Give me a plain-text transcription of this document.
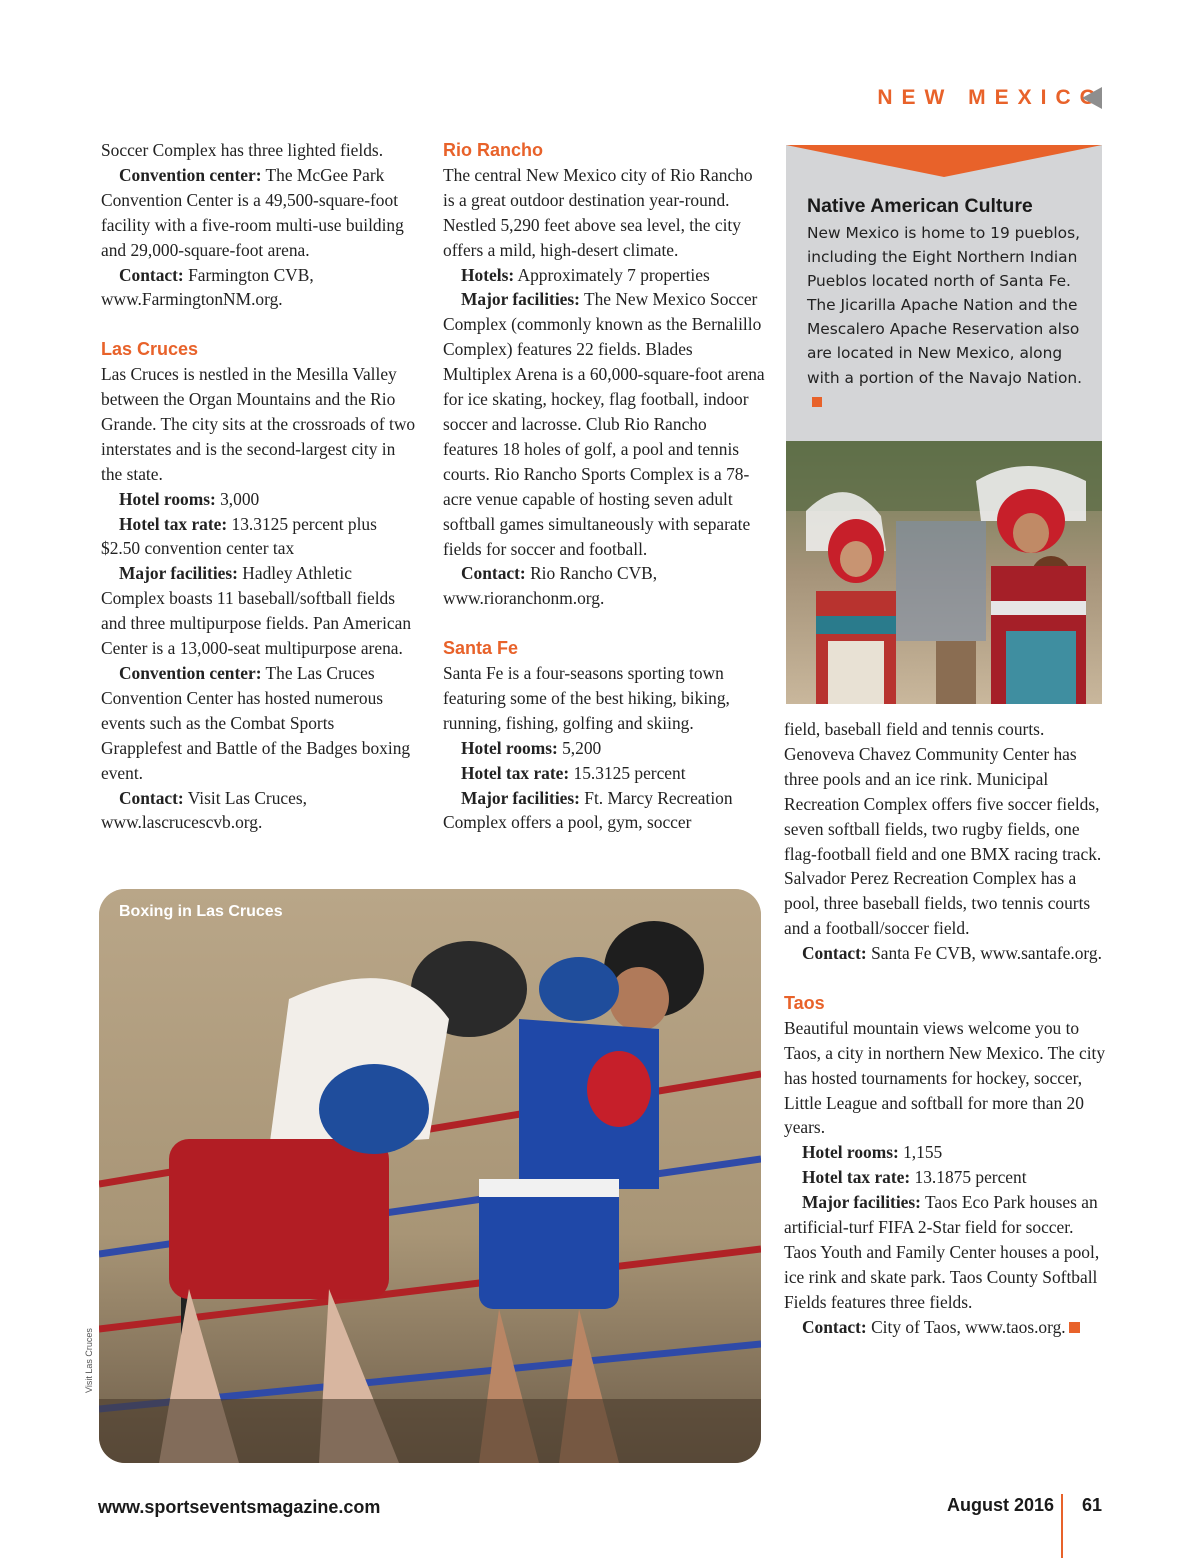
NEW MEXICO

Soccer Complex has three lighted fields.

Convention center: The McGee Park Convention Center is a 49,500-square-foot facility with a five-room multi-use building and 29,000-square-foot arena.

Contact: Farmington CVB, www.FarmingtonNM.org.

Las Cruces

Las Cruces is nestled in the Mesilla Valley between the Organ Mountains and the Rio Grande. The city sits at the crossroads of two interstates and is the second-largest city in the state.

Hotel rooms: 3,000

Hotel tax rate: 13.3125 percent plus $2.50 convention center tax

Major facilities: Hadley Athletic Complex boasts 11 baseball/softball fields and three multipurpose fields. Pan American Center is a 13,000-seat multipurpose arena.

Convention center: The Las Cruces Convention Center has hosted numerous events such as the Combat Sports Grapplefest and Battle of the Badges boxing event.

Contact: Visit Las Cruces, www.lascrucescvb.org.

Rio Rancho

The central New Mexico city of Rio Rancho is a great outdoor destination year-round. Nestled 5,290 feet above sea level, the city offers a mild, high-desert climate.

Hotels: Approximately 7 properties

Major facilities: The New Mexico Soccer Complex (commonly known as the Bernalillo Complex) features 22 fields. Blades Multiplex Arena is a 60,000-square-foot arena for ice skating, hockey, flag football, indoor soccer and lacrosse. Club Rio Rancho features 18 holes of golf, a pool and tennis courts. Rio Rancho Sports Complex is a 78-acre venue capable of hosting seven adult softball games simultaneously with separate fields for soccer and football.

Contact: Rio Rancho CVB, www.rioranchonm.org.

Santa Fe

Santa Fe is a four-seasons sporting town featuring some of the best hiking, biking, running, fishing, golfing and skiing.

Hotel rooms: 5,200

Hotel tax rate: 15.3125 percent

Major facilities: Ft. Marcy Recreation Complex offers a pool, gym, soccer

Native American Culture
New Mexico is home to 19 pueblos, including the Eight Northern Indian Pueblos located north of Santa Fe. The Jicarilla Apache Nation and the Mescalero Apache Reservation also are located in New Mexico, along with a portion of the Navajo Nation.

field, baseball field and tennis courts. Genoveva Chavez Community Center has three pools and an ice rink. Municipal Recreation Complex offers five soccer fields, seven softball fields, two rugby fields, one flag-football field and one BMX racing track. Salvador Perez Recreation Complex has a pool, three baseball fields, two tennis courts and a football/soccer field.

Contact: Santa Fe CVB, www.santafe.org.

Taos

Beautiful mountain views welcome you to Taos, a city in northern New Mexico. The city has hosted tournaments for hockey, soccer, Little League and softball for more than 20 years.

Hotel rooms: 1,155

Hotel tax rate: 13.1875 percent

Major facilities: Taos Eco Park houses an artificial-turf FIFA 2-Star field for soccer. Taos Youth and Family Center houses a pool, ice rink and skate park. Taos County Softball Fields features three fields.

Contact: City of Taos, www.taos.org.

Boxing in Las Cruces
Visit Las Cruces
www.sportseventsmagazine.com	August 2016 61
